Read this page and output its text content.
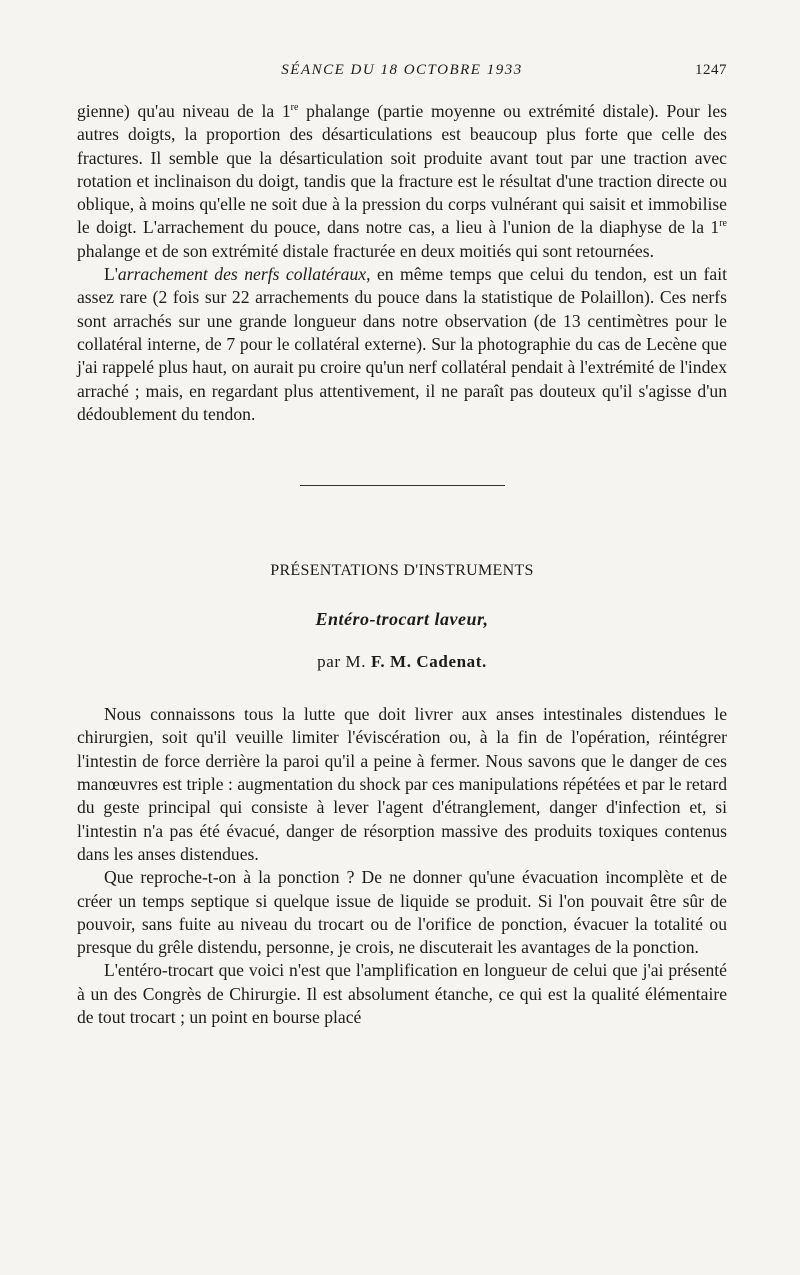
SÉANCE DU 18 OCTOBRE 1933	1247

gienne) qu'au niveau de la 1re phalange (partie moyenne ou extrémité distale). Pour les autres doigts, la proportion des désarticulations est beaucoup plus forte que celle des fractures. Il semble que la désarticulation soit produite avant tout par une traction avec rotation et inclinaison du doigt, tandis que la fracture est le résultat d'une traction directe ou oblique, à moins qu'elle ne soit due à la pression du corps vulnérant qui saisit et immobilise le doigt. L'arrachement du pouce, dans notre cas, a lieu à l'union de la diaphyse de la 1re phalange et de son extrémité distale fracturée en deux moitiés qui sont retournées.

L'arrachement des nerfs collatéraux, en même temps que celui du tendon, est un fait assez rare (2 fois sur 22 arrachements du pouce dans la statistique de Polaillon). Ces nerfs sont arrachés sur une grande longueur dans notre observation (de 13 centimètres pour le collatéral interne, de 7 pour le collatéral externe). Sur la photographie du cas de Lecène que j'ai rappelé plus haut, on aurait pu croire qu'un nerf collatéral pendait à l'extrémité de l'index arraché ; mais, en regardant plus attentivement, il ne paraît pas douteux qu'il s'agisse d'un dédoublement du tendon.

PRÉSENTATIONS D'INSTRUMENTS
Entéro-trocart laveur,
par M. F. M. Cadenat.

Nous connaissons tous la lutte que doit livrer aux anses intestinales distendues le chirurgien, soit qu'il veuille limiter l'éviscération ou, à la fin de l'opération, réintégrer l'intestin de force derrière la paroi qu'il a peine à fermer. Nous savons que le danger de ces manœuvres est triple : augmentation du shock par ces manipulations répétées et par le retard du geste principal qui consiste à lever l'agent d'étranglement, danger d'infection et, si l'intestin n'a pas été évacué, danger de résorption massive des produits toxiques contenus dans les anses distendues.

Que reproche-t-on à la ponction ? De ne donner qu'une évacuation incomplète et de créer un temps septique si quelque issue de liquide se produit. Si l'on pouvait être sûr de pouvoir, sans fuite au niveau du trocart ou de l'orifice de ponction, évacuer la totalité ou presque du grêle distendu, personne, je crois, ne discuterait les avantages de la ponction.

L'entéro-trocart que voici n'est que l'amplification en longueur de celui que j'ai présenté à un des Congrès de Chirurgie. Il est absolument étanche, ce qui est la qualité élémentaire de tout trocart ; un point en bourse placé
